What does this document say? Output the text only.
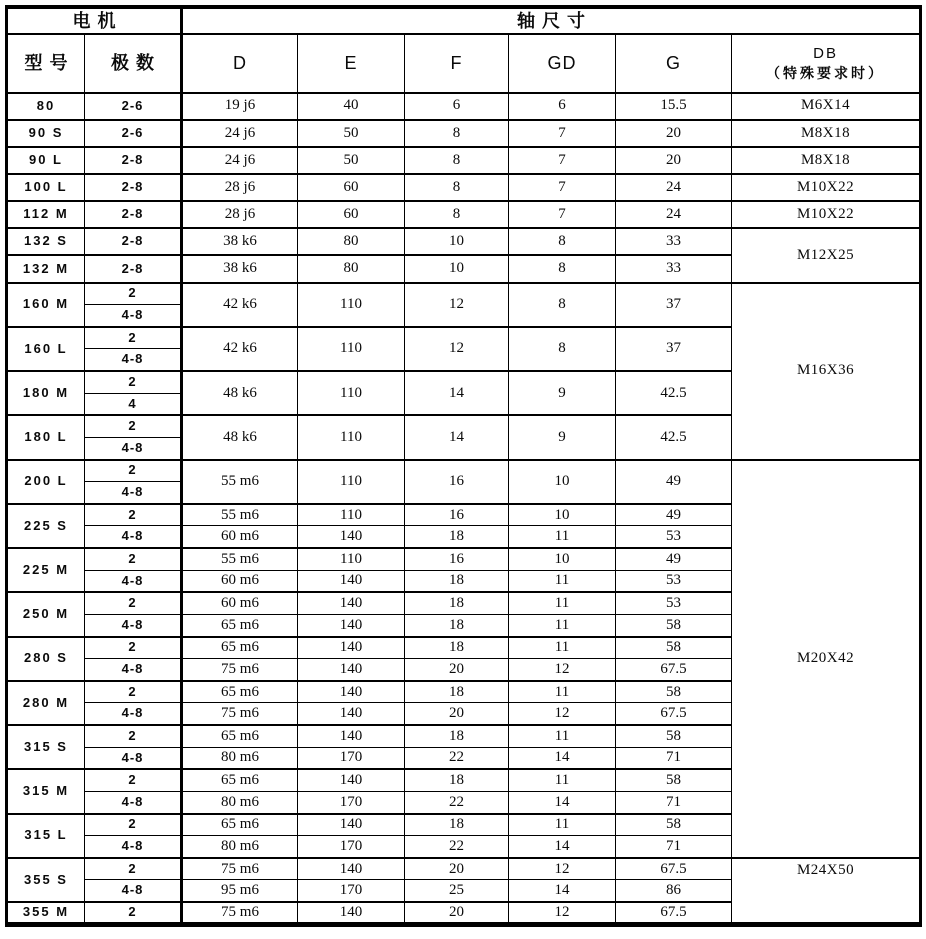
电机		轴尺寸					
型号	极数	D	E	F	GD	G	DB
（特殊要求时）

80	2-6	19 j6	40	6	6	15.5	M6X14
90 S	2-6	24 j6	50	8	7	20	M8X18
90 L	2-8	24 j6	50	8	7	20	M8X18
100 L	2-8	28 j6	60	8	7	24	M10X22
112 M	2-8	28 j6	60	8	7	24	M10X22
132 S	2-8	38 k6	80	10	8	33	M12X25
132 M	2-8	38 k6	80	10	8	33	
160 M	2	42 k6	110	12	8	37	M16X36
	4-8						
160 L	2	42 k6	110	12	8	37	
	4-8						
180 M	2	48 k6	110	14	9	42.5	
	4						
180 L	2	48 k6	110	14	9	42.5	
	4-8						
200 L	2	55 m6	110	16	10	49	M20X42
	4-8						
225 S	2	55 m6	110	16	10	49	
	4-8	60 m6	140	18	11	53	
225 M	2	55 m6	110	16	10	49	
	4-8	60 m6	140	18	11	53	
250 M	2	60 m6	140	18	11	53	
	4-8	65 m6	140	18	11	58	
280 S	2	65 m6	140	18	11	58	
	4-8	75 m6	140	20	12	67.5	
280 M	2	65 m6	140	18	11	58	
	4-8	75 m6	140	20	12	67.5	
315 S	2	65 m6	140	18	11	58	
	4-8	80 m6	170	22	14	71	
315 M	2	65 m6	140	18	11	58	
	4-8	80 m6	170	22	14	71	
315 L	2	65 m6	140	18	11	58	
	4-8	80 m6	170	22	14	71	
355 S	2	75 m6	140	20	12	67.5	M24X50
	4-8	95 m6	170	25	14	86	
355 M	2	75 m6	140	20	12	67.5	
